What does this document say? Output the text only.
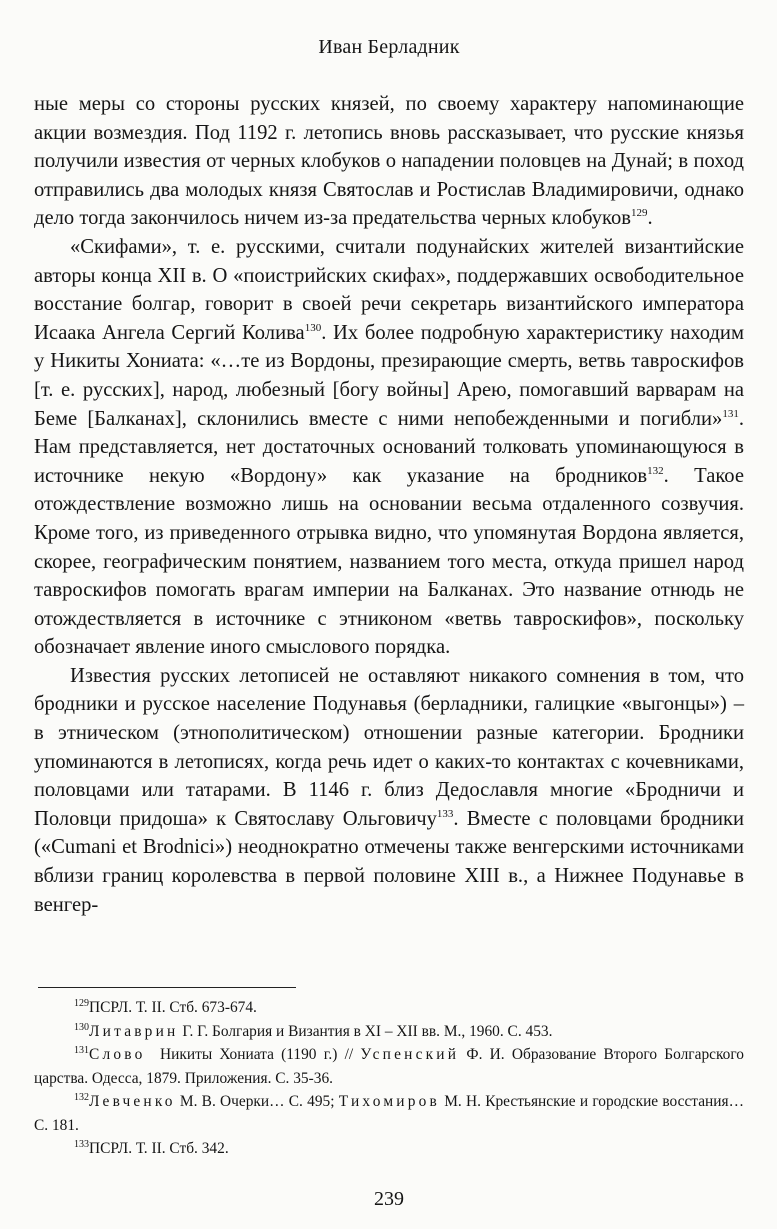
Иван Берладник

ные меры со стороны русских князей, по своему характеру напоминающие акции возмездия. Под 1192 г. летопись вновь рассказывает, что русские князья получили известия от черных клобуков о нападении половцев на Дунай; в поход отправились два молодых князя Святослав и Ростислав Владимировичи, однако дело тогда закончилось ничем из-за предательства черных клобуков$^{129}$.

«Скифами», т. е. русскими, считали подунайских жителей византийские авторы конца XII в. О «поистрийских скифах», поддержавших освободительное восстание болгар, говорит в своей речи секретарь византийского императора Исаака Ангела Сергий Колива$^{130}$. Их более подробную характеристику находим у Никиты Хониата: «…те из Вордоны, презирающие смерть, ветвь тавроскифов [т. е. русских], народ, любезный [богу войны] Арею, помогавший варварам на Беме [Балканах], склонились вместе с ними непобежденными и погибли»$^{131}$. Нам представляется, нет достаточных оснований толковать упоминающуюся в источнике некую «Вордону» как указание на бродников$^{132}$. Такое отождествление возможно лишь на основании весьма отдаленного созвучия. Кроме того, из приведенного отрывка видно, что упомянутая Вордона является, скорее, географическим понятием, названием того места, откуда пришел народ тавроскифов помогать врагам империи на Балканах. Это название отнюдь не отождествляется в источнике с этниконом «ветвь тавроскифов», поскольку обозначает явление иного смыслового порядка.

Известия русских летописей не оставляют никакого сомнения в том, что бродники и русское население Подунавья (берладники, галицкие «выгонцы») – в этническом (этнополитическом) отношении разные категории. Бродники упоминаются в летописях, когда речь идет о каких-то контактах с кочевниками, половцами или татарами. В 1146 г. близ Дедославля многие «Бродничи и Половци придоша» к Святославу Ольговичу$^{133}$. Вместе с половцами бродники («Cumani et Brodnici») неоднократно отмечены также венгерскими источниками вблизи границ королевства в первой половине XIII в., а Нижнее Подунавье в венгер-

$^{129}$ПСРЛ. Т. II. Стб. 673-674.
$^{130}$Литаврин Г. Г. Болгария и Византия в XI – XII вв. М., 1960. С. 453.
$^{131}$Слово  Никиты Хониата (1190 г.) // Успенский Ф. И. Образование Второго Болгарского царства. Одесса, 1879. Приложения. С. 35-36.
$^{132}$Левченко М. В. Очерки… С. 495; Тихомиров М. Н. Крестьянские и городские восстания… С. 181.
$^{133}$ПСРЛ. Т. II. Стб. 342.
239
